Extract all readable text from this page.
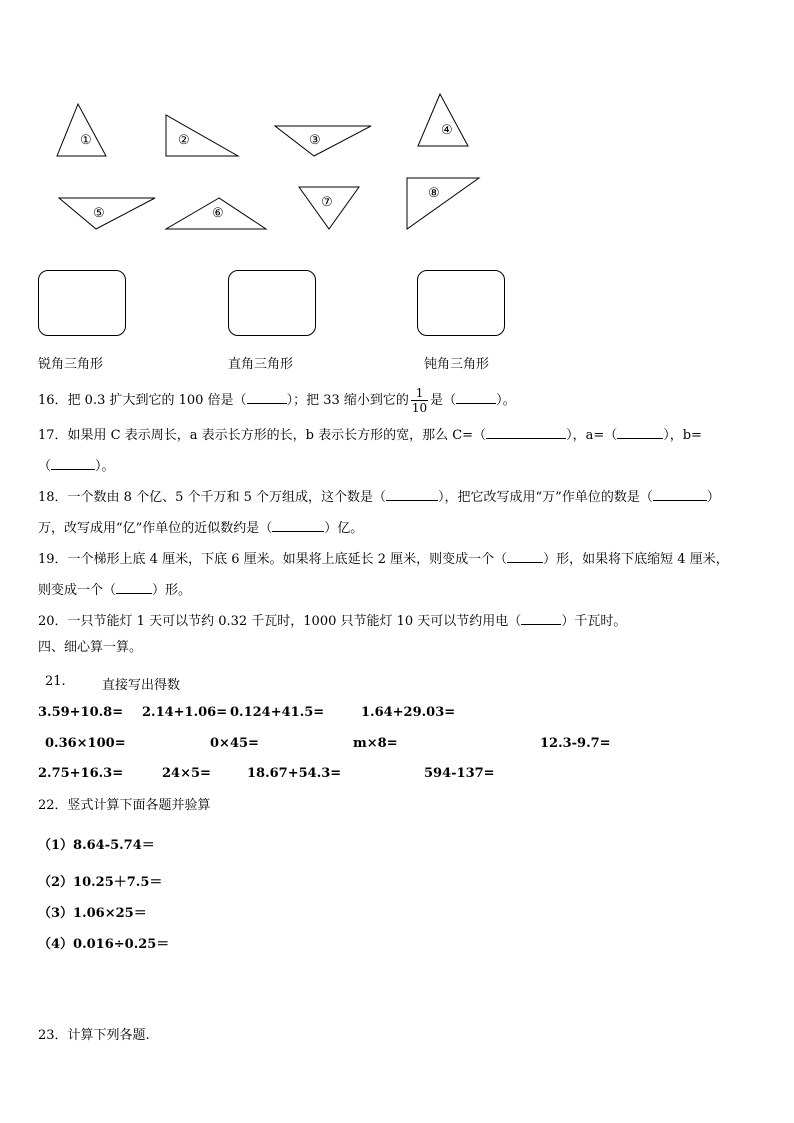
①	②	③
④
⑤	⑥
⑦
⑧
锐角三角形	直角三角形	钝角三角形
16．把 0.3 扩大到它的 100 倍是（	）；把 33 缩小到它的 $\frac{1}{10}$ 是（	）。
17．如果用 C 表示周长，a 表示长方形的长，b 表示长方形的宽，那么 C=（	），a=（	），b=
（	）。
18．一个数由 8 个亿、5 个千万和 5 个万组成，这个数是（	），把它改写成用“万”作单位的数是（	）
万，改写成用“亿”作单位的近似数约是（	）亿。
19．一个梯形上底 4 厘米，下底 6 厘米。如果将上底延长 2 厘米，则变成一个（	）形，如果将下底缩短 4 厘米，
则变成一个（	）形。
20．一只节能灯 1 天可以节约 0.32 千瓦时，1000 只节能灯 10 天可以节约用电（	）千瓦时。
四、细心算一算。
21.	直接写出得数
3.59+10.8= 2.14+1.06= 0.124+41.5=	1.64+29.03=
0.36×100=	0×45=	m×8=	12.3-9.7=
2.75+16.3=	24×5=	18.67+54.3=	594-137=
22．竖式计算下面各题并验算
（1）8.64-5.74＝
（2）10.25＋7.5＝
（3）1.06×25＝
（4）0.016÷0.25＝
23．计算下列各题.
